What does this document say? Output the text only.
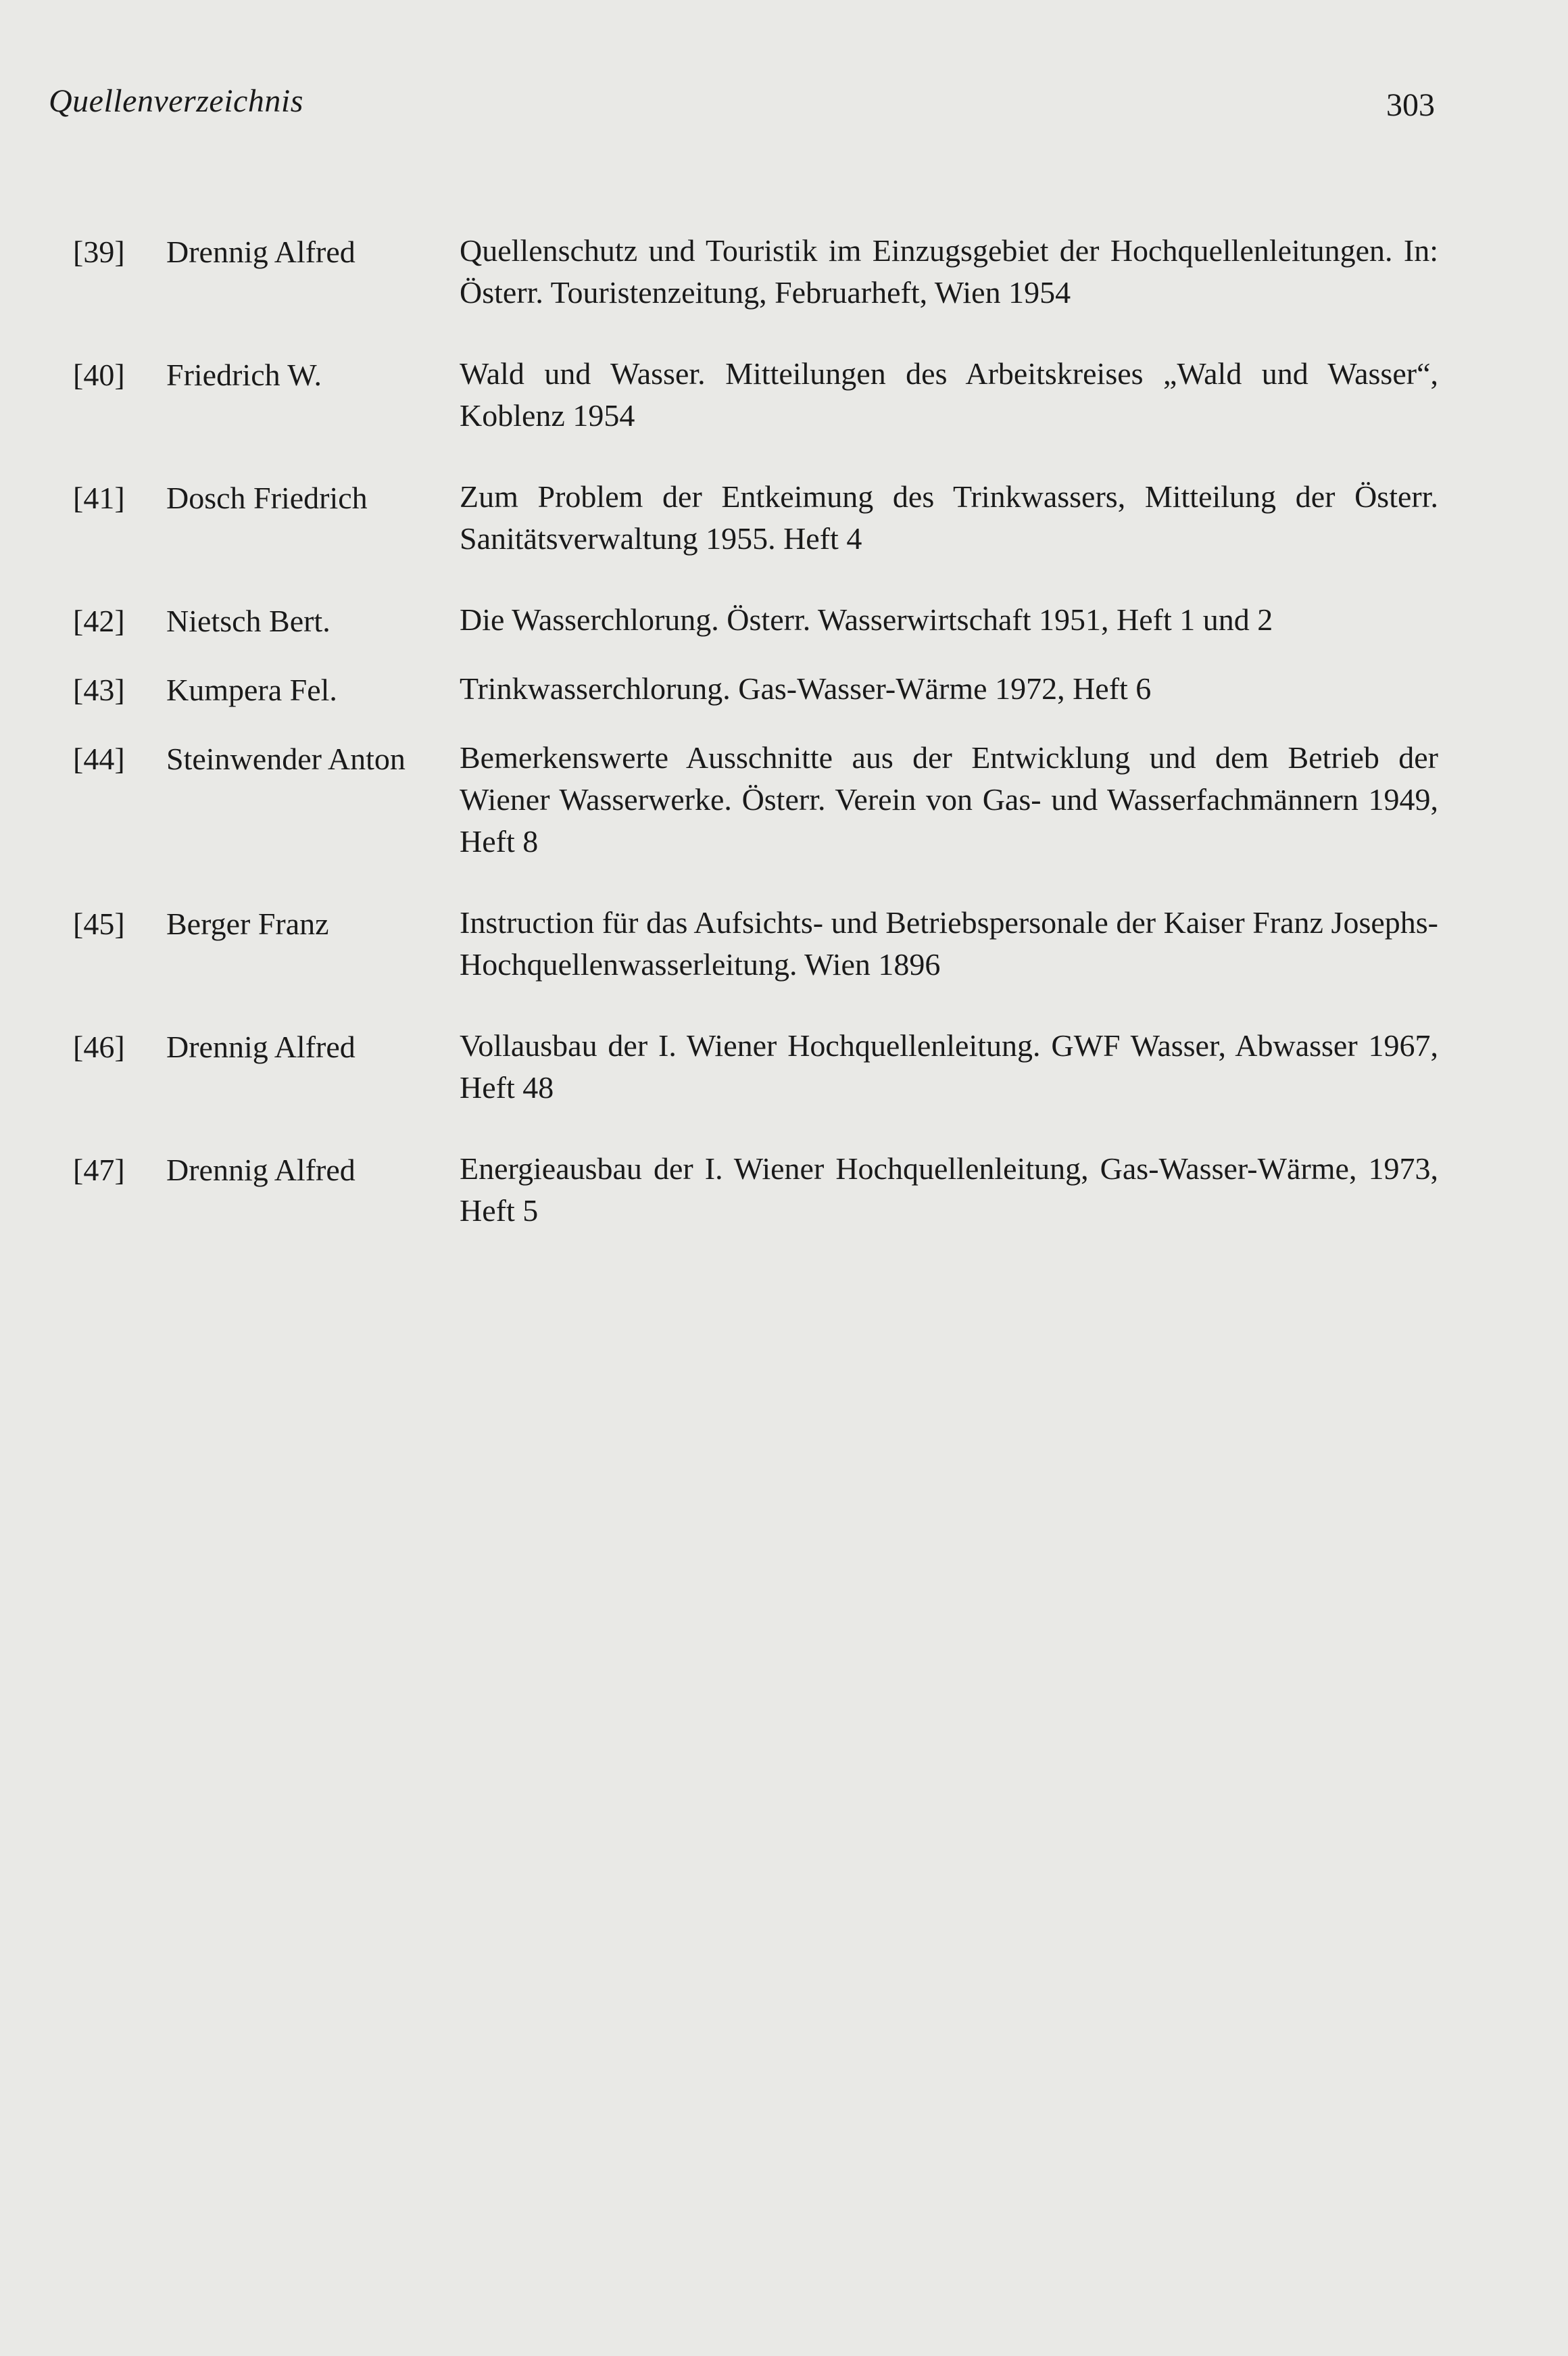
Quellenverzeichnis	303
[39]	Drennig Alfred	Quellenschutz und Touristik im Einzugsgebiet der Hochquellenleitungen. In: Österr. Touristenzeitung, Februarheft, Wien 1954
[40]	Friedrich W.	Wald und Wasser. Mitteilungen des Arbeitskreises „Wald und Wasser“, Koblenz 1954
[41]	Dosch Friedrich	Zum Problem der Entkeimung des Trinkwassers, Mitteilung der Österr. Sanitätsverwaltung 1955. Heft 4
[42]	Nietsch Bert.	Die Wasserchlorung. Österr. Wasserwirtschaft 1951, Heft 1 und 2
[43]	Kumpera Fel.	Trinkwasserchlorung. Gas-Wasser-Wärme 1972, Heft 6
[44]	Steinwender Anton	Bemerkenswerte Ausschnitte aus der Entwicklung und dem Betrieb der Wiener Wasserwerke. Österr. Verein von Gas- und Wasserfachmännern 1949, Heft 8
[45]	Berger Franz	Instruction für das Aufsichts- und Betriebspersonale der Kaiser Franz Josephs-Hochquellenwasserleitung. Wien 1896
[46]	Drennig Alfred	Vollausbau der I. Wiener Hochquellenleitung. GWF Wasser, Abwasser 1967, Heft 48
[47]	Drennig Alfred	Energieausbau der I. Wiener Hochquellenleitung, Gas-Wasser-Wärme, 1973, Heft 5
